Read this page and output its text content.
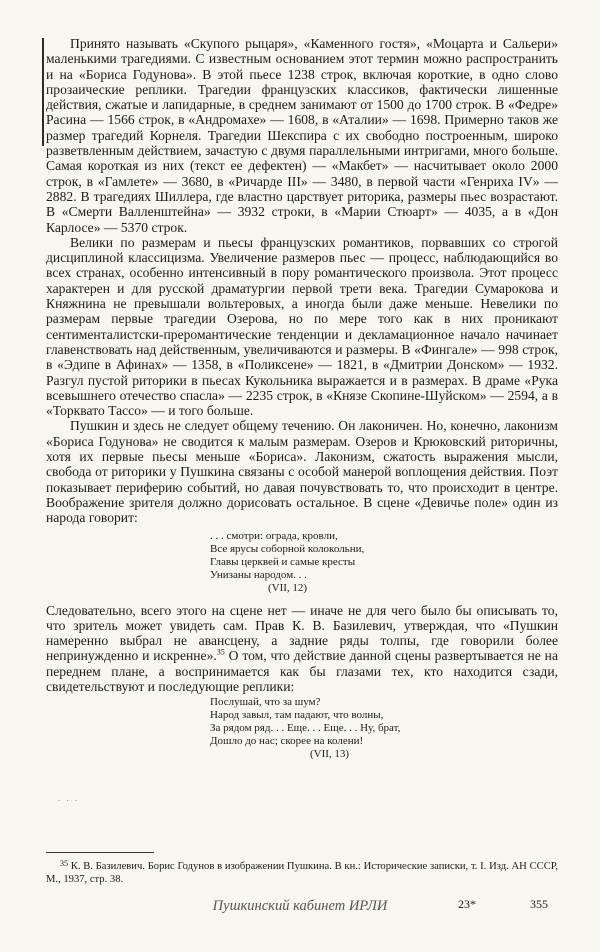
Принято называть «Скупого рыцаря», «Каменного гостя», «Моцарта и Сальери» маленькими трагедиями. С известным основанием этот термин можно распространить и на «Бориса Годунова». В этой пьесе 1238 строк, включая короткие, в одно слово прозаические реплики. Трагедии французских классиков, фактически лишенные действия, сжатые и лапидарные, в среднем занимают от 1500 до 1700 строк. В «Федре» Расина — 1566 строк, в «Андромахе» — 1608, в «Аталии» — 1698. Примерно таков же размер трагедий Корнеля. Трагедии Шекспира с их свободно построенным, широко разветвленным действием, зачастую с двумя параллельными интригами, много больше. Самая короткая из них (текст ее дефектен) — «Макбет» — насчитывает около 2000 строк, в «Гамлете» — 3680, в «Ричарде III» — 3480, в первой части «Генриха IV» — 2882. В трагедиях Шиллера, где властно царствует риторика, размеры пьес возрастают. В «Смерти Валленштейна» — 3932 строки, в «Марии Стюарт» — 4035, а в «Дон Карлосе» — 5370 строк.

Велики по размерам и пьесы французских романтиков, порвавших со строгой дисциплиной классицизма. Увеличение размеров пьес — процесс, наблюдающийся во всех странах, особенно интенсивный в пору романтического произвола. Этот процесс характерен и для русской драматургии первой трети века. Трагедии Сумарокова и Княжнина не превышали вольтеровых, а иногда были даже меньше. Невелики по размерам первые трагедии Озерова, но по мере того как в них проникают сентименталистски-преромантические тенденции и декламационное начало начинает главенствовать над действенным, увеличиваются и размеры. В «Фингале» — 998 строк, в «Эдипе в Афинах» — 1358, в «Поликсене» — 1821, в «Дмитрии Донском» — 1932. Разгул пустой риторики в пьесах Кукольника выражается и в размерах. В драме «Рука всевышнего отечество спасла» — 2235 строк, в «Князе Скопине-Шуйском» — 2594, а в «Торквато Тассо» — и того больше.

Пушкин и здесь не следует общему течению. Он лаконичен. Но, конечно, лаконизм «Бориса Годунова» не сводится к малым размерам. Озеров и Крюковский риторичны, хотя их первые пьесы меньше «Бориса». Лаконизм, сжатость выражения мысли, свобода от риторики у Пушкина связаны с особой манерой воплощения действия. Поэт показывает периферию событий, но давая почувствовать то, что происходит в центре. Воображение зрителя должно дорисовать остальное. В сцене «Девичье поле» один из народа говорит:

. . . смотри: ограда, кровли,
Все ярусы соборной колокольни,
Главы церквей и самые кресты
Унизаны народом. . .
(VII, 12)

Следовательно, всего этого на сцене нет — иначе не для чего было бы описывать то, что зритель может увидеть сам. Прав К. В. Базилевич, утверждая, что «Пушкин намеренно выбрал не авансцену, а задние ряды толпы, где говорили более непринужденно и искренне».$^{35}$ О том, что действие данной сцены развертывается не на переднем плане, а воспринимается как бы глазами тех, кто находится сзади, свидетельствуют и последующие реплики:

Послушай, что за шум?
Народ завыл, там падают, что волны,
За рядом ряд. . . Еще. . . Еще. . . Ну, брат,
Дошло до нас; скорее на колени!
(VII, 13)
. . .
$^{35}$ К. В. Базилевич. Борис Годунов в изображении Пушкина. В кн.: Исторические записки, т. I. Изд. АН СССР, М., 1937, стр. 38.
23*	355
Пушкинский кабинет ИРЛИ
